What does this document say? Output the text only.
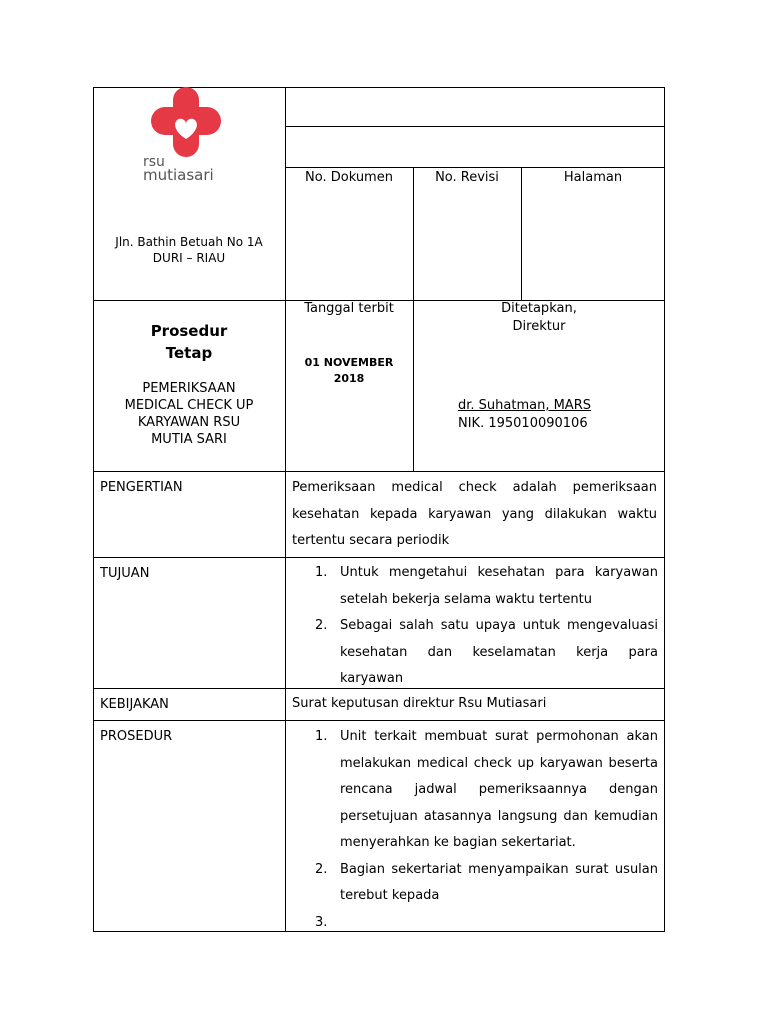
rsu
mutiasari
Jln. Bathin Betuah No 1A
DURI – RIAU
No. Dokumen	No. Revisi	Halaman
Prosedur
Tetap
PEMERIKSAAN
MEDICAL CHECK UP
KARYAWAN RSU
MUTIA SARI
Tanggal terbit
01 NOVEMBER
2018
Ditetapkan,
Direktur
dr. Suhatman, MARS
NIK. 195010090106
PENGERTIAN	Pemeriksaan medical check adalah pemeriksaan kesehatan kepada karyawan yang dilakukan waktu tertentu secara periodik
TUJUAN	1. Untuk mengetahui kesehatan para karyawan setelah bekerja selama waktu tertentu
2. Sebagai salah satu upaya untuk mengevaluasi kesehatan dan keselamatan kerja para karyawan
KEBIJAKAN	Surat keputusan direktur Rsu Mutiasari
PROSEDUR	1. Unit terkait membuat surat permohonan akan melakukan medical check up karyawan beserta rencana jadwal pemeriksaannya dengan persetujuan atasannya langsung dan kemudian menyerahkan ke bagian sekertariat.
2. Bagian sekertariat menyampaikan surat usulan terebut kepada
3.
